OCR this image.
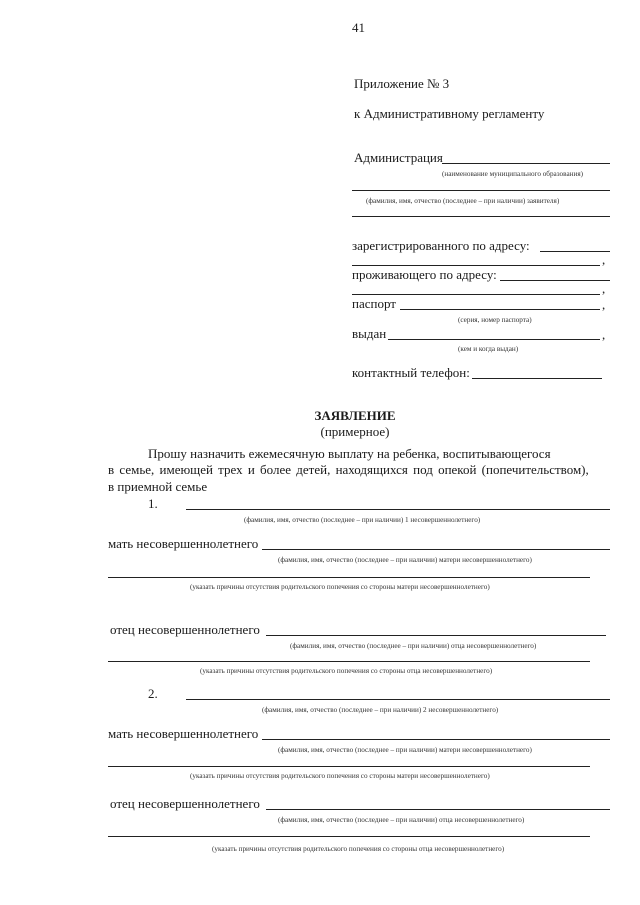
41
Приложение № 3
к Административному регламенту
Администрация
(наименование муниципального образования)
(фамилия, имя, отчество (последнее – при наличии) заявителя)
зарегистрированного по адресу:
,
проживающего по адресу:
,
паспорт	,
(серия, номер паспорта)
выдан	,
(кем и когда выдан)
контактный телефон:
ЗАЯВЛЕНИЕ
(примерное)
Прошу назначить ежемесячную выплату на ребенка, воспитывающегося
в семье, имеющей трех и более детей, находящихся под опекой (попечительством),
в приемной семье
1.
(фамилия, имя, отчество (последнее – при наличии) 1 несовершеннолетнего)
мать несовершеннолетнего
(фамилия, имя, отчество (последнее – при наличии) матери несовершеннолетнего)
(указать причины отсутствия родительского попечения со стороны матери несовершеннолетнего)
отец несовершеннолетнего
(фамилия, имя, отчество (последнее – при наличии) отца несовершеннолетнего)
(указать причины отсутствия родительского попечения со стороны отца несовершеннолетнего)
2.
(фамилия, имя, отчество (последнее – при наличии) 2 несовершеннолетнего)
мать несовершеннолетнего
(фамилия, имя, отчество (последнее – при наличии) матери несовершеннолетнего)
(указать причины отсутствия родительского попечения со стороны матери несовершеннолетнего)
отец несовершеннолетнего
(фамилия, имя, отчество (последнее – при наличии) отца несовершеннолетнего)
(указать причины отсутствия родительского попечения со стороны отца несовершеннолетнего)
